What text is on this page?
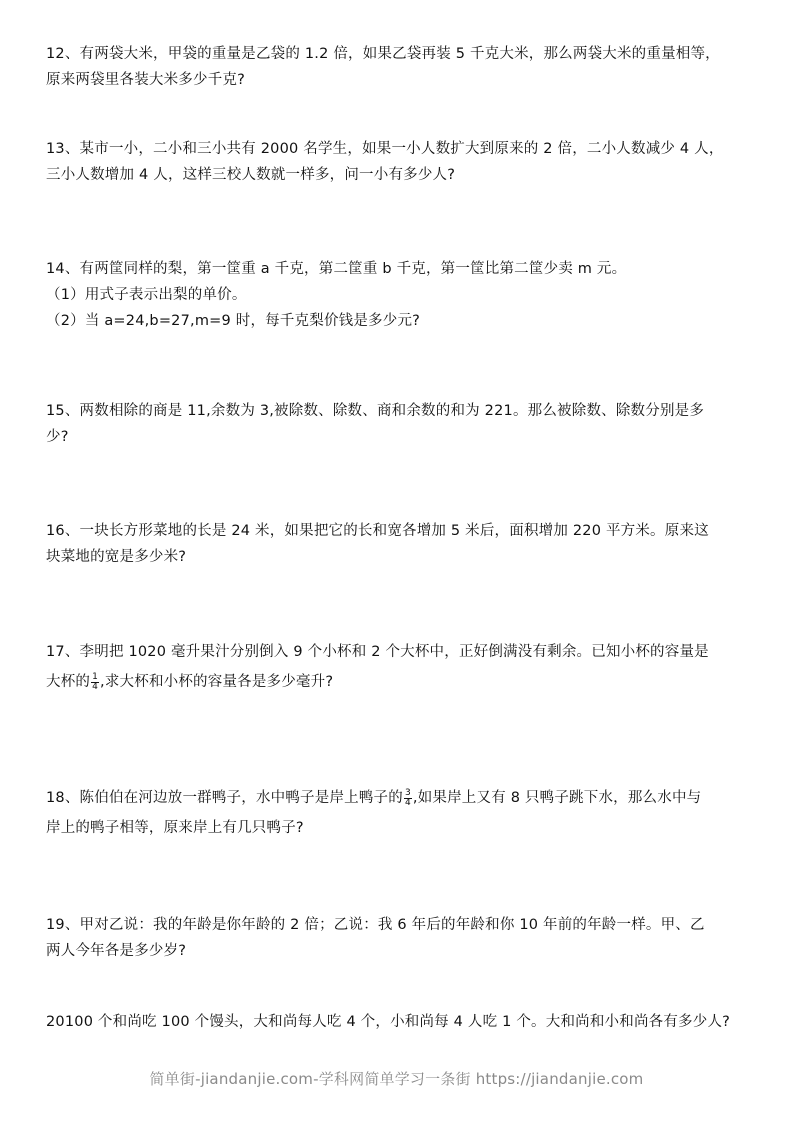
12、有两袋大米，甲袋的重量是乙袋的 1.2 倍，如果乙袋再装 5 千克大米，那么两袋大米的重量相等，

原来两袋里各装大米多少千克?

13、某市一小，二小和三小共有 2000 名学生，如果一小人数扩大到原来的 2 倍，二小人数减少 4 人，

三小人数增加 4 人，这样三校人数就一样多，问一小有多少人?

14、有两筐同样的梨，第一筐重 a 千克，第二筐重 b 千克，第一筐比第二筐少卖 m 元。

（1）用式子表示出梨的单价。

（2）当 a=24,b=27,m=9 时，每千克梨价钱是多少元?

15、两数相除的商是 11,余数为 3,被除数、除数、商和余数的和为 221。那么被除数、除数分别是多

少?

16、一块长方形菜地的长是 24 米，如果把它的长和宽各增加 5 米后，面积增加 220 平方米。原来这

块菜地的宽是多少米?

17、李明把 1020 毫升果汁分别倒入 9 个小杯和 2 个大杯中，正好倒满没有剩余。已知小杯的容量是

大杯的 $\frac{1}{4}$ ,求大杯和小杯的容量各是多少毫升?

18、陈伯伯在河边放一群鸭子，水中鸭子是岸上鸭子的 $\frac{3}{4}$ ,如果岸上又有 8 只鸭子跳下水，那么水中与

岸上的鸭子相等，原来岸上有几只鸭子?

19、甲对乙说：我的年龄是你年龄的 2 倍；乙说：我 6 年后的年龄和你 10 年前的年龄一样。甲、乙

两人今年各是多少岁?

20100 个和尚吃 100 个馒头，大和尚每人吃 4 个，小和尚每 4 人吃 1 个。大和尚和小和尚各有多少人?

简单街-jiandanjie.com-学科网简单学习一条街 https://jiandanjie.com
